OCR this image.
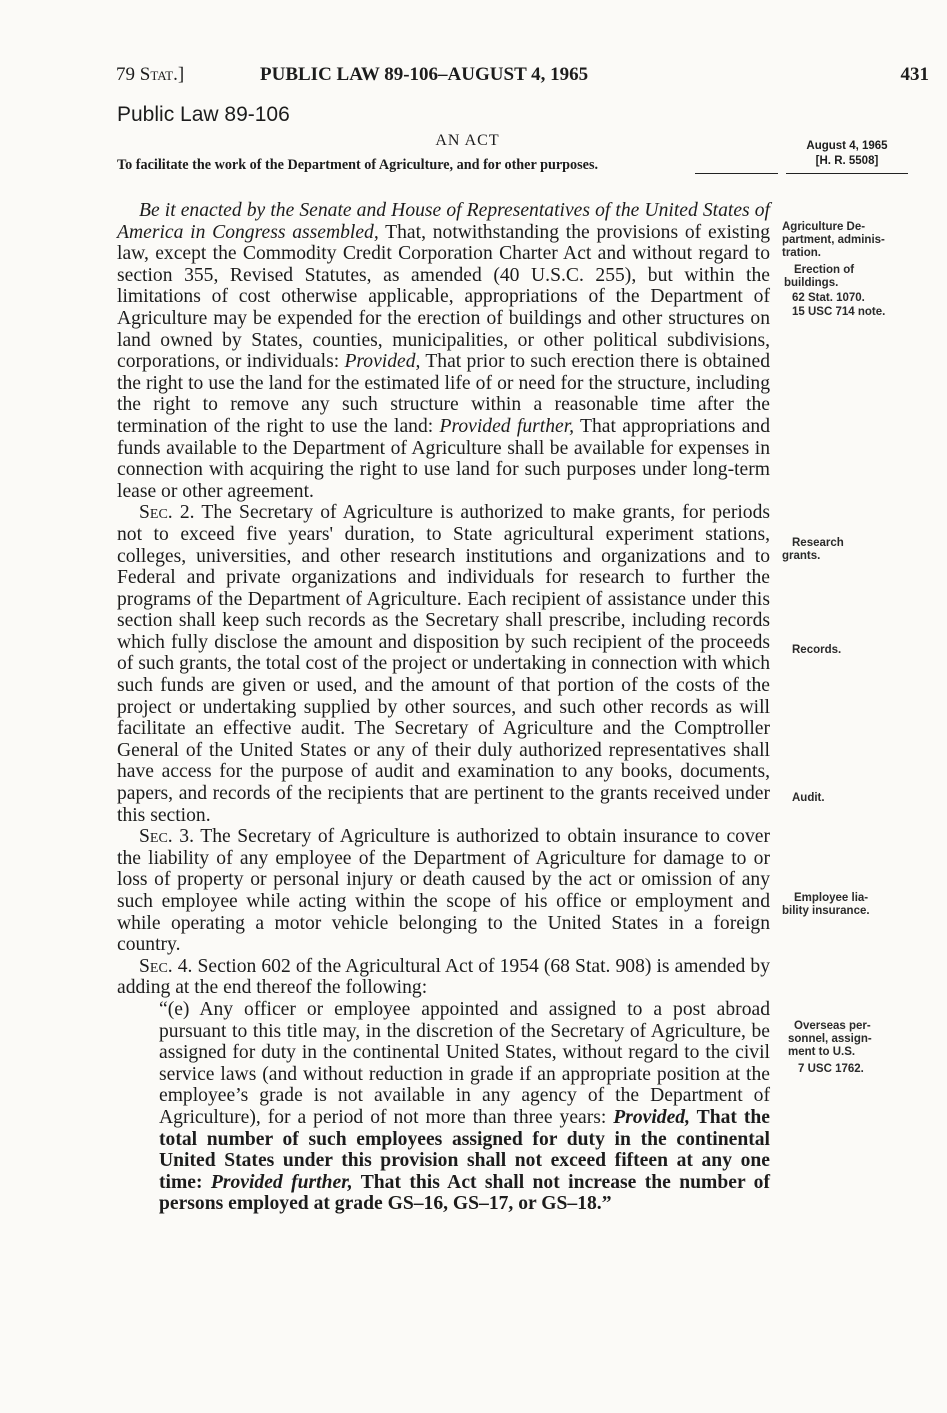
79 Stat.]	PUBLIC LAW 89-106–AUGUST 4, 1965	431
Public Law 89-106
AN ACT
To facilitate the work of the Department of Agriculture, and for other purposes.
August 4, 1965
[H. R. 5508]

Be it enacted by the Senate and House of Representatives of the United States of America in Congress assembled, That, notwithstanding the provisions of existing law, except the Commodity Credit Corporation Charter Act and without regard to section 355, Revised Statutes, as amended (40 U.S.C. 255), but within the limitations of cost otherwise applicable, appropriations of the Department of Agriculture may be expended for the erection of buildings and other structures on land owned by States, counties, municipalities, or other political subdivisions, corporations, or individuals: Provided, That prior to such erection there is obtained the right to use the land for the estimated life of or need for the structure, including the right to remove any such structure within a reasonable time after the termination of the right to use the land: Provided further, That appropriations and funds available to the Department of Agriculture shall be available for expenses in connection with acquiring the right to use land for such purposes under long-term lease or other agreement.

Sec. 2. The Secretary of Agriculture is authorized to make grants, for periods not to exceed five years' duration, to State agricultural experiment stations, colleges, universities, and other research institutions and organizations and to Federal and private organizations and individuals for research to further the programs of the Department of Agriculture. Each recipient of assistance under this section shall keep such records as the Secretary shall prescribe, including records which fully disclose the amount and disposition by such recipient of the proceeds of such grants, the total cost of the project or undertaking in connection with which such funds are given or used, and the amount of that portion of the costs of the project or undertaking supplied by other sources, and such other records as will facilitate an effective audit. The Secretary of Agriculture and the Comptroller General of the United States or any of their duly authorized representatives shall have access for the purpose of audit and examination to any books, documents, papers, and records of the recipients that are pertinent to the grants received under this section.

Sec. 3. The Secretary of Agriculture is authorized to obtain insurance to cover the liability of any employee of the Department of Agriculture for damage to or loss of property or personal injury or death caused by the act or omission of any such employee while acting within the scope of his office or employment and while operating a motor vehicle belonging to the United States in a foreign country.

Sec. 4. Section 602 of the Agricultural Act of 1954 (68 Stat. 908) is amended by adding at the end thereof the following:

“(e) Any officer or employee appointed and assigned to a post abroad pursuant to this title may, in the discretion of the Secretary of Agriculture, be assigned for duty in the continental United States, without regard to the civil service laws (and without reduction in grade if an appropriate position at the employee’s grade is not available in any agency of the Department of Agriculture), for a period of not more than three years: Provided, That the total number of such employees assigned for duty in the continental United States under this provision shall not exceed fifteen at any one time: Provided further, That this Act shall not increase the number of persons employed at grade GS–16, GS–17, or GS–18.”

Agriculture De-
partment, adminis-
tration.
Erection of
buildings.
62 Stat. 1070.
15 USC 714 note.
Research
grants.
Records.
Audit.
Employee lia-
bility insurance.
Overseas per-
sonnel, assign-
ment to U.S.
7 USC 1762.
